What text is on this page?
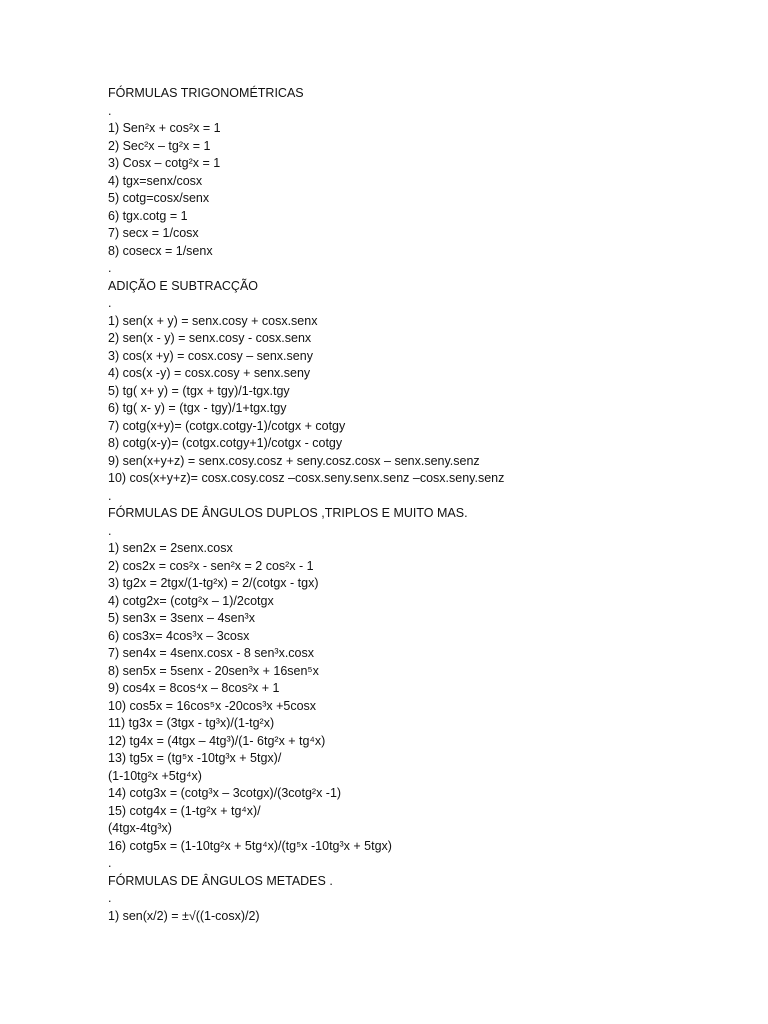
FÓRMULAS TRIGONOMÉTRICAS
.
1) Sen²x + cos²x = 1
2) Sec²x – tg²x = 1
3) Cosx – cotg²x = 1
4) tgx=senx/cosx
5) cotg=cosx/senx
6) tgx.cotg = 1
7) secx = 1/cosx
8) cosecx = 1/senx
.
ADIÇÃO E SUBTRACÇÃO
.
1) sen(x + y) = senx.cosy + cosx.senx
2) sen(x - y) = senx.cosy - cosx.senx
3) cos(x +y) = cosx.cosy – senx.seny
4) cos(x -y) = cosx.cosy + senx.seny
5) tg( x+ y) = (tgx + tgy)/1-tgx.tgy
6) tg( x- y) = (tgx - tgy)/1+tgx.tgy
7) cotg(x+y)= (cotgx.cotgy-1)/cotgx + cotgy
8) cotg(x-y)= (cotgx.cotgy+1)/cotgx - cotgy
9) sen(x+y+z) = senx.cosy.cosz + seny.cosz.cosx – senx.seny.senz
10) cos(x+y+z)= cosx.cosy.cosz –cosx.seny.senx.senz –cosx.seny.senz
.
FÓRMULAS DE ÂNGULOS DUPLOS ,TRIPLOS E MUITO MAS.
.
1) sen2x = 2senx.cosx
2) cos2x = cos²x - sen²x = 2 cos²x - 1
3) tg2x = 2tgx/(1-tg²x) = 2/(cotgx - tgx)
4) cotg2x= (cotg²x – 1)/2cotgx
5) sen3x = 3senx – 4sen³x
6) cos3x= 4cos³x – 3cosx
7) sen4x = 4senx.cosx - 8 sen³x.cosx
8) sen5x = 5senx - 20sen³x + 16sen⁵x
9) cos4x = 8cos⁴x – 8cos²x + 1
10) cos5x = 16cos⁵x -20cos³x +5cosx
11) tg3x = (3tgx - tg³x)/(1-tg²x)
12) tg4x = (4tgx – 4tg³)/(1- 6tg²x + tg⁴x)
13) tg5x = (tg⁵x -10tg³x + 5tgx)/
(1-10tg²x +5tg⁴x)
14) cotg3x = (cotg³x – 3cotgx)/(3cotg²x -1)
15) cotg4x = (1-tg²x + tg⁴x)/
(4tgx-4tg³x)
16) cotg5x = (1-10tg²x + 5tg⁴x)/(tg⁵x -10tg³x + 5tgx)
.
FÓRMULAS DE ÂNGULOS METADES .
.
1) sen(x/2) = ±√((1-cosx)/2)
